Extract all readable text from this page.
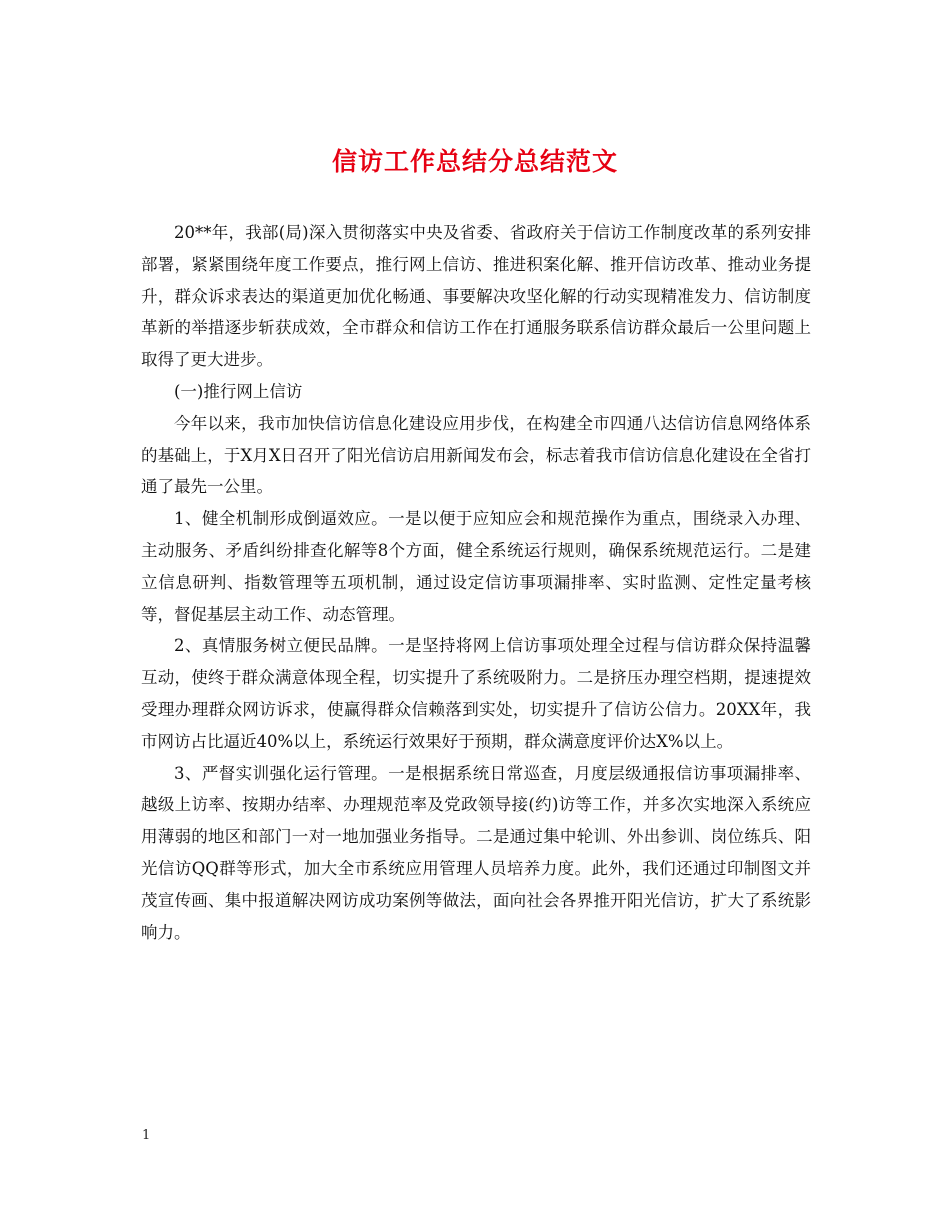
信访工作总结分总结范文

20**年，我部(局)深入贯彻落实中央及省委、省政府关于信访工作制度改革的系列安排部署，紧紧围绕年度工作要点，推行网上信访、推进积案化解、推开信访改革、推动业务提升，群众诉求表达的渠道更加优化畅通、事要解决攻坚化解的行动实现精准发力、信访制度革新的举措逐步斩获成效，全市群众和信访工作在打通服务联系信访群众最后一公里问题上取得了更大进步。

(一)推行网上信访

今年以来，我市加快信访信息化建设应用步伐，在构建全市四通八达信访信息网络体系的基础上，于X月X日召开了阳光信访启用新闻发布会，标志着我市信访信息化建设在全省打通了最先一公里。

1、健全机制形成倒逼效应。一是以便于应知应会和规范操作为重点，围绕录入办理、主动服务、矛盾纠纷排查化解等8个方面，健全系统运行规则，确保系统规范运行。二是建立信息研判、指数管理等五项机制，通过设定信访事项漏排率、实时监测、定性定量考核等，督促基层主动工作、动态管理。

2、真情服务树立便民品牌。一是坚持将网上信访事项处理全过程与信访群众保持温馨互动，使终于群众满意体现全程，切实提升了系统吸附力。二是挤压办理空档期，提速提效受理办理群众网访诉求，使赢得群众信赖落到实处，切实提升了信访公信力。20XX年，我市网访占比逼近40%以上，系统运行效果好于预期，群众满意度评价达X%以上。

3、严督实训强化运行管理。一是根据系统日常巡查，月度层级通报信访事项漏排率、越级上访率、按期办结率、办理规范率及党政领导接(约)访等工作，并多次实地深入系统应用薄弱的地区和部门一对一地加强业务指导。二是通过集中轮训、外出参训、岗位练兵、阳光信访QQ群等形式，加大全市系统应用管理人员培养力度。此外，我们还通过印制图文并茂宣传画、集中报道解决网访成功案例等做法，面向社会各界推开阳光信访，扩大了系统影响力。

1
